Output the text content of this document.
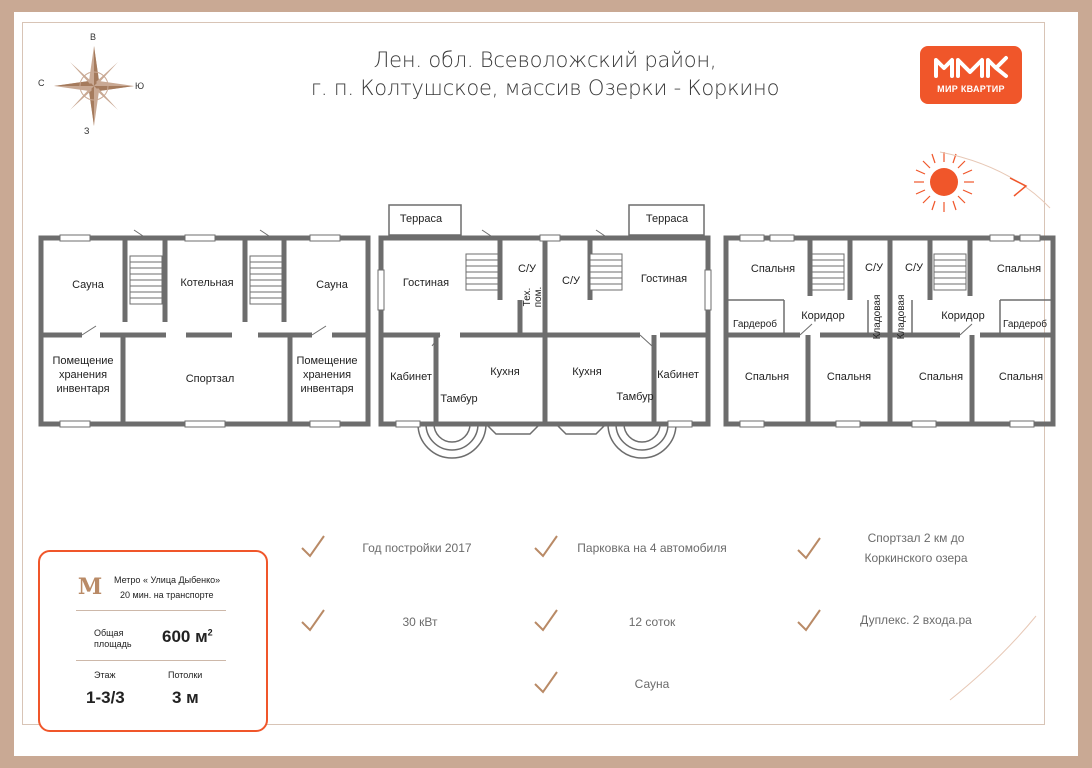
Лен. обл. Всеволожский район,
г. п. Колтушское, массив Озерки - Коркино	МИР КВАРТИР
В
С	Ю
З
Сауна	Котельная	Сауна
Помещение хранения инвентаря
Спортзал
Помещение хранения инвентаря
Терраса	Терраса
Гостиная
С/У
Тех. пом.
С/У	Гостиная
Кабинет	Кухня
Тамбур
Кухня	Кабинет
Тамбур
Спальня	С/У	С/У	Спальня
Гардероб
Коридор	Кладовая Кладовая	Коридор
Гардероб
Спальня	Спальня	Спальня	Спальня
М Метро « Улица Дыбенко»
20 мин. на транспорте
Общая
площадь 600 $м^2$
Этаж	Потолки
1-3/3	3 м
Год постройки 2017	Парковка на 4 автомобиля
Спортзал 2 км до
Коркинского озера
30 кВт	12 соток	Дуплекс. 2 входа.ра
Сауна
